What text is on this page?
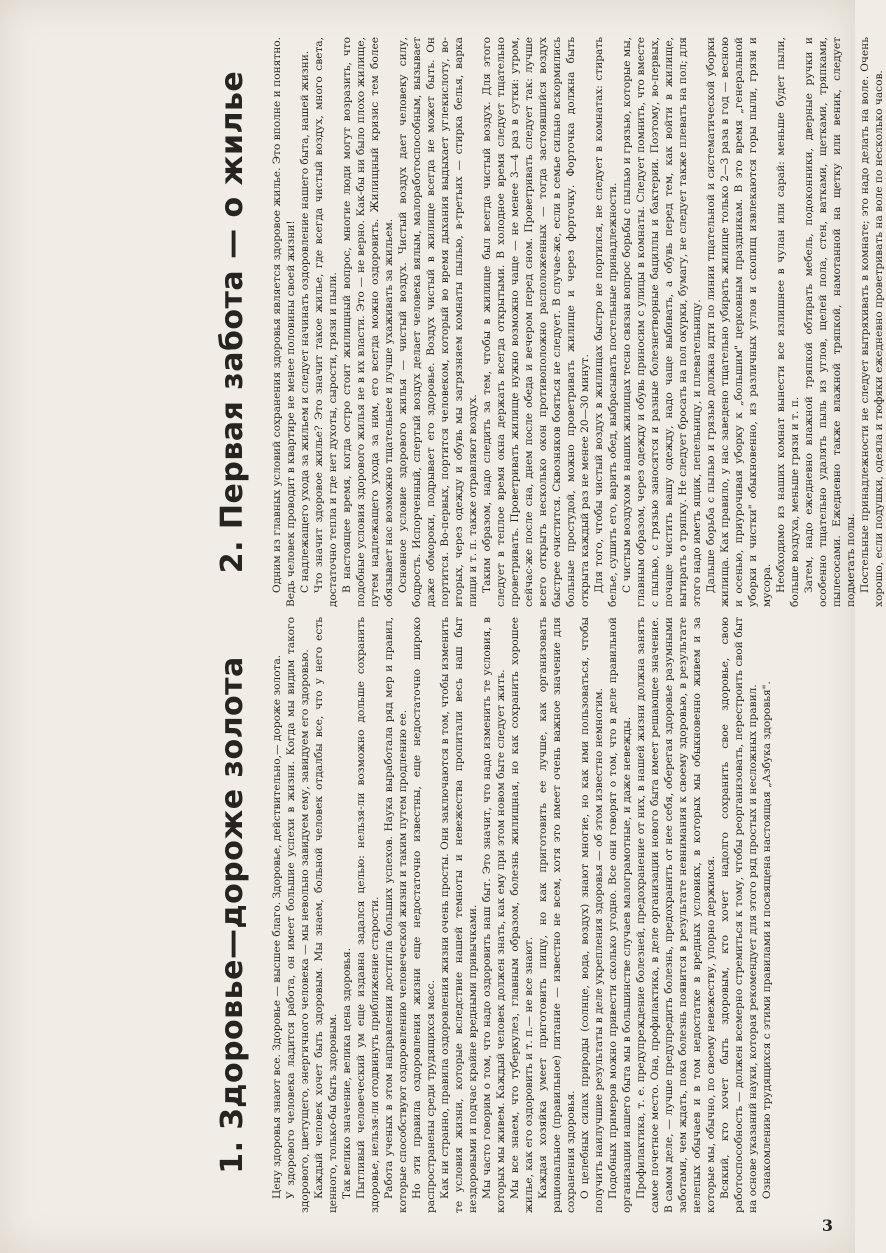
1. Здоровье—дороже золота Цену здоровья знают все. Здоровье — высшее благо. Здоровье, действительно,— дороже золота. У здорового человека ладится работа, он имеет большие успехи в жизни. Когда мы видим такого здорового, цветущего, энергичного человека — мы невольно завидуем ему, завидуем его здоровью. Каждый человек хочет быть здоровым. Мы знаем, больной человек отдалбы все, что у него есть ценного, только-бы быть здоровым. Так велико значение, велика цена здоровья. Пытливый человеческий ум еще издавна задался целью: нельзя-ли возможно дольше сохранить здоровье, нельзя-ли отодвинуть приближение старости. Работа ученых в этом направлении достигла больших успехов. Наука выработала ряд мер и правил, которые способствуют оздоровлению человеческой жизни и таким путем продлению ее. Но эти правила оздоровления жизни еще недостаточно известны, еще недостаточно широко распространены среди трудящихся масс. Как ни странно, правила оздоровления жизни очень просты. Они заключаются в том, чтобы изменить те условия жизни, которые вследствие нашей темноты и невежества пропитали весь наш быт нездоровыми и подчас крайне вредными привычками. Мы часто говорим о том, что надо оздоровить наш быт. Это значит, что надо изменить те условия, в которых мы живем. Каждый человек должен знать, как ему при этом новом быте следует жить. Мы все знаем, что туберкулез, главным образом, болезнь жилищная, но как сохранить хорошее жилье, как его оздоровить и т. п.— не все знают. Каждая хозяйка умеет приготовить пищу, но как приготовить ее лучше, как организовать рациональное (правильное) питание — известно не всем, хотя это имеет очень важное значение для сохранения здоровья. О целебных силах природы (солнце, вода, воздух) знают многие, но как ими пользоваться, чтобы получить наилучшие результаты в деле укрепления здоровья — об этом известно немногим. Подобных примеров можно привести сколько угодно. Все они говорят о том, что в деле правильной организации нашего быта мы в большинстве случаев малограмотные, и даже невежды. Профилактика, т. е. предупреждение болезней, предохранение от них, в нашей жизни должна занять самое почетное место. Она, профилактика, в деле организации нового быта имеет решающее значение. В самом деле, — лучше предупредить болезнь, предохранить от нее себя, оберегая здоровье разумными заботами, чем ждать, пока болезнь появится в результате невнимания к своему здоровью, в результате нелепых обычаев и в том недостатке в вредных условиях, в которых мы обыкновенно живем и за которые мы, обычно, по своему невежеству, упорно держимся. Всякий, кто хочет быть здоровым, кто хочет надолго сохранить свое здоровье, свою работоспособность — должен всемерно стремиться к тому, чтобы реорганизовать, перестроить свой быт на основе указаний науки, которая рекомендует для этого ряд простых и несложных правил. Ознакомлению трудящихся с этими правилами и посвящена настоящая „Азбука здоровья".

2. Первая забота — о жилье Одним из главных условий сохранения здоровья является здоровое жилье. Это вполне и понятно. Ведь человек проводит в квартире не менее половины своей жизни! С надлежащего ухода за жильем и следует начинать оздоровление нашего быта, нашей жизни. Что значит здоровое жилье? Это значит такое жилье, где всегда чистый воздух, много света, достаточно тепла и где нет духоты, сырости, грязи и пыли. В настоящее время, когда остро стоит жилищный вопрос, многие люди могут возразить, что подобные условия здорового жилья не в их власти. Это — не верно. Как-бы ни было плохо жилище, путем надлежащего ухода за ним, его всегда можно оздоровить. Жилищный кризис тем более обязывает нас возможно тщательнее и лучше ухаживать за жильем. Основное условие здорового жилья — чистый воздух. Чистый воздух дает человеку силу, бодрость. Испорченный, спертый воздух делает человека вялым, малоработоспособным, вызывает даже обмороки, подрывает его здоровье. Воздух чистый в жилище всегда не может быть. Он портится. Во-первых, портится человеком, который во время дыхания выдыхает углекислоту, во-вторых, через одежду и обувь мы загрязняем комнаты пылью, в-третьих — стирка белья, варка пищи и т. п. также отравляют воздух. Таким образом, надо следить за тем, чтобы в жилище был всегда чистый воздух. Для этого следует в теплое время окна держать всегда открытыми. В холодное время следует тщательно проветривать. Проветривать жилище нужно возможно чаще — не менее 3—4 раз в сутки: утром, сейчас-же после сна, днем после обеда и вечером перед сном. Проветривать следует так: лучше всего открыть несколько окон противоположно расположенных — тогда застоявшийся воздух быстрее очистится. Сквозняков бояться не следует. В случае-же, если в семье сильно вскормились больные простудой, можно проветривать жилище и через форточку. Форточка должна быть открыта каждый раз не менее 20—30 минут. Для того, чтобы чистый воздух в жилищах быстро не портился, не следует в комнатах: стирать белье, сушить его, варить обед, выбрасывать постельные принадлежности. С чистым воздухом в наших жилищах тесно связан вопрос борьбы с пылью и грязью, которые мы, главным образом, через одежду и обувь приносим с улицы в комнаты. Следует помнить, что вместе с пылью, с грязью заносятся и разные болезнетворные бациллы и бактерии. Поэтому, во-первых, почаще чистить вашу одежду, надо чаще выбивать, а обувь перед тем, как войти в жилище, вытирать о тряпку. Не следует бросать на пол окурки, бумагу, не следует также плевать на пол; для этого надо иметь ящик, пепельницу, и плевательницу. Дальше борьба с пылью и грязью должна идти по линии тщательной и систематической уборки жилища. Как правило, у нас заведено тщательно убирать жилище только 2—3 раза в год — весною и осенью, приурочивая уборку к „большим" церковным праздникам. В это время „генеральной уборки и чистки" обыкновенно, из различных углов и скопищ извлекаются горы пыли, грязи и мусора. Необходимо из наших комнат вынести все излишнее в чулан или сарай: меньше будет пыли, больше воздуха, меньше грязи и т. п. Затем, надо ежедневно влажной тряпкой обтирать мебель, подоконники, дверные ручки и особенно тщательно удалять пыль из углов, щелей пола, стен, ватками, щетками, тряпками, пылесосами. Ежедневно также влажной тряпкой, намотанной на щетку или веник, следует подметать полы. Постельные принадлежности не следует вытряхивать в комнате; это надо делать на воле. Очень хорошо, если подушки, одеяла и тюфяки ежедневно проветривать на воле по несколько часов.

3
